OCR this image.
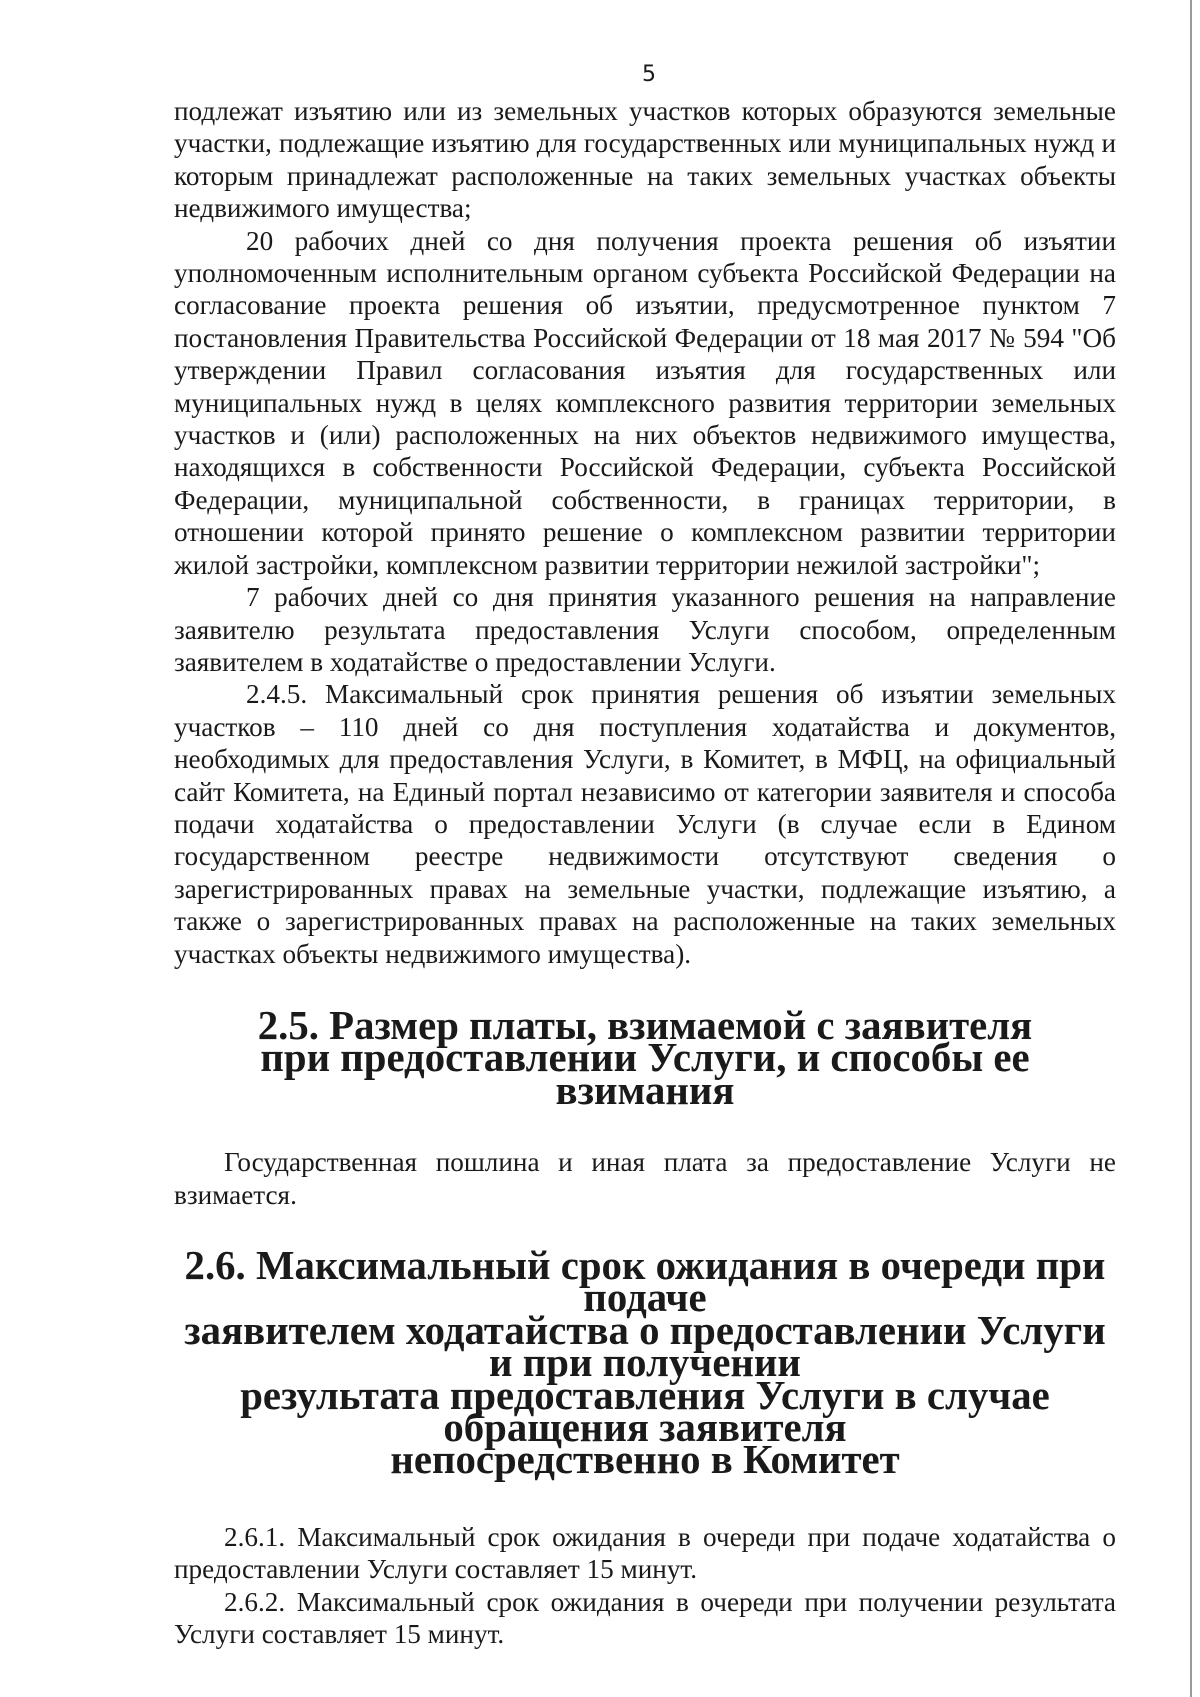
5

подлежат изъятию или из земельных участков которых образуются земельные участки, подлежащие изъятию для государственных или муниципальных нужд и которым принадлежат расположенные на таких земельных участках объекты недвижимого имущества;

20 рабочих дней со дня получения проекта решения об изъятии уполномоченным исполнительным органом субъекта Российской Федерации на согласование проекта решения об изъятии, предусмотренное пунктом 7 постановления Правительства Российской Федерации от 18 мая 2017 № 594 "Об утверждении Правил согласования изъятия для государственных или муниципальных нужд в целях комплексного развития территории земельных участков и (или) расположенных на них объектов недвижимого имущества, находящихся в собственности Российской Федерации, субъекта Российской Федерации, муниципальной собственности, в границах территории, в отношении которой принято решение о комплексном развитии территории жилой застройки, комплексном развитии территории нежилой застройки";

7 рабочих дней со дня принятия указанного решения на направление заявителю результата предоставления Услуги способом, определенным заявителем в ходатайстве о предоставлении Услуги.

2.4.5. Максимальный срок принятия решения об изъятии земельных участков – 110 дней со дня поступления ходатайства и документов, необходимых для предоставления Услуги, в Комитет, в МФЦ, на официальный сайт Комитета, на Единый портал независимо от категории заявителя и способа подачи ходатайства о предоставлении Услуги (в случае если в Едином государственном реестре недвижимости отсутствуют сведения о зарегистрированных правах на земельные участки, подлежащие изъятию, а также о зарегистрированных правах на расположенные на таких земельных участках объекты недвижимого имущества).

2.5. Размер платы, взимаемой с заявителя
при предоставлении Услуги, и способы ее взимания

Государственная пошлина и иная плата за предоставление Услуги не взимается.

2.6. Максимальный срок ожидания в очереди при подаче
заявителем ходатайства о предоставлении Услуги и при получении
результата предоставления Услуги в случае обращения заявителя
непосредственно в Комитет

2.6.1. Максимальный срок ожидания в очереди при подаче ходатайства о предоставлении Услуги составляет 15 минут.

2.6.2. Максимальный срок ожидания в очереди при получении результата Услуги составляет 15 минут.
